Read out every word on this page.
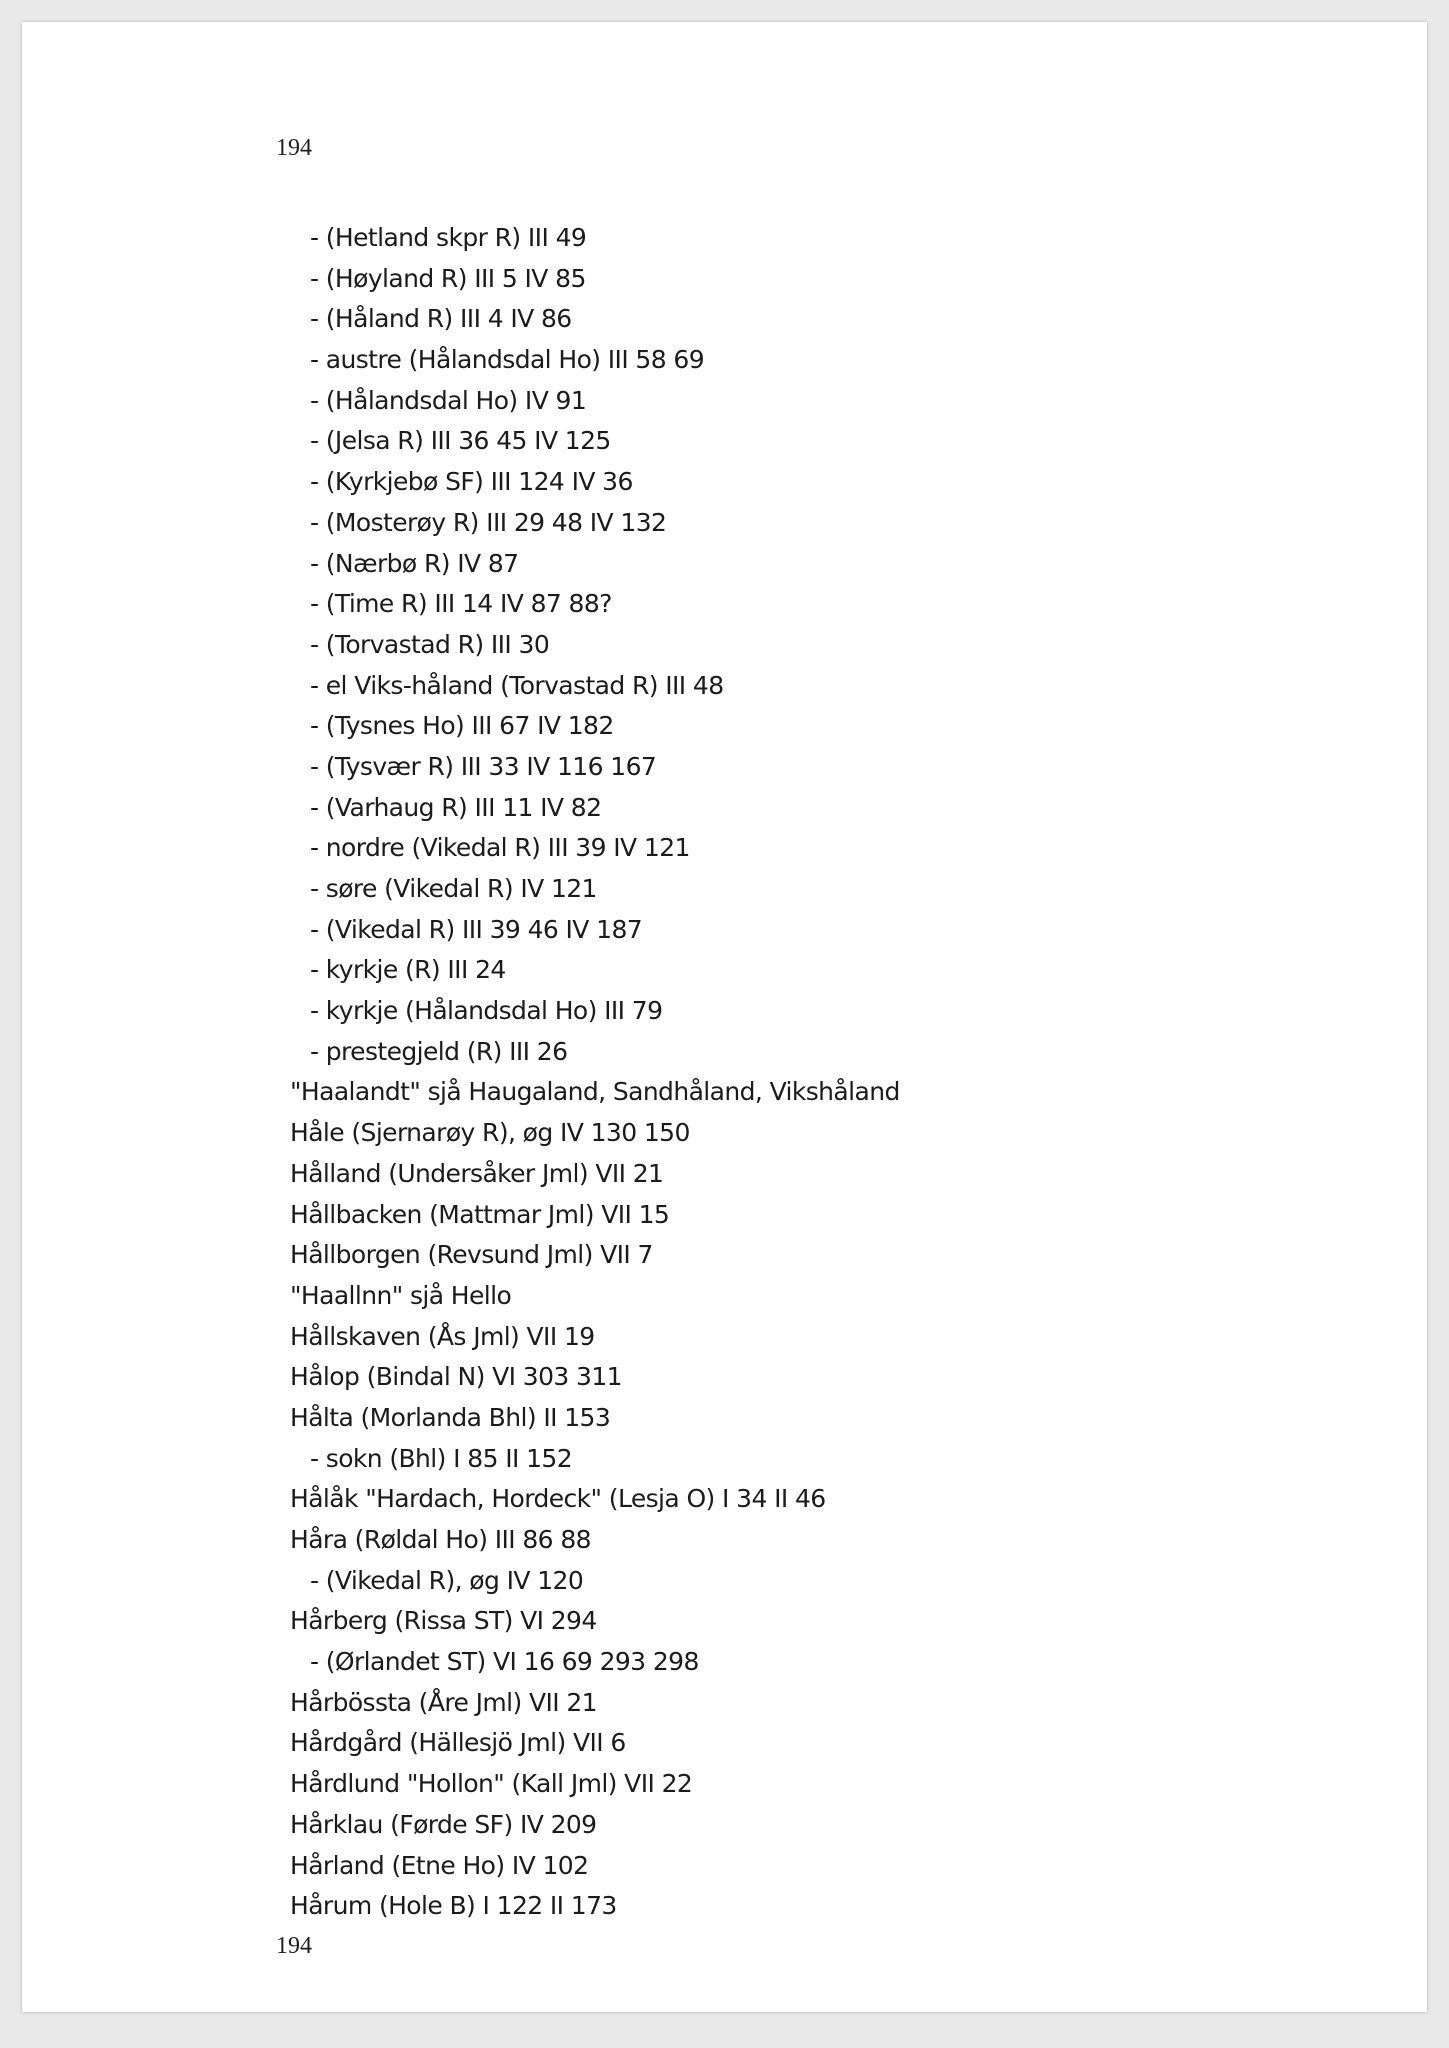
194
- (Hetland skpr R) III 49
- (Høyland R) III 5 IV 85
- (Håland R) III 4 IV 86
- austre (Hålandsdal Ho) III 58 69
- (Hålandsdal Ho) IV 91
- (Jelsa R) III 36 45 IV 125
- (Kyrkjebø SF) III 124 IV 36
- (Mosterøy R) III 29 48 IV 132
- (Nærbø R) IV 87
- (Time R) III 14 IV 87 88?
- (Torvastad R) III 30
- el Viks-håland (Torvastad R) III 48
- (Tysnes Ho) III 67 IV 182
- (Tysvær R) III 33 IV 116 167
- (Varhaug R) III 11 IV 82
- nordre (Vikedal R) III 39 IV 121
- søre (Vikedal R) IV 121
- (Vikedal R) III 39 46 IV 187
- kyrkje (R) III 24
- kyrkje (Hålandsdal Ho) III 79
- prestegjeld (R) III 26
"Haalandt" sjå Haugaland, Sandhåland, Vikshåland
Håle (Sjernarøy R), øg IV 130 150
Hålland (Undersåker Jml) VII 21
Hållbacken (Mattmar Jml) VII 15
Hållborgen (Revsund Jml) VII 7
"Haallnn" sjå Hello
Hållskaven (Ås Jml) VII 19
Hålop (Bindal N) VI 303 311
Hålta (Morlanda Bhl) II 153
- sokn (Bhl) I 85 II 152
Hålåk "Hardach, Hordeck" (Lesja O) I 34 II 46
Håra (Røldal Ho) III 86 88
- (Vikedal R), øg IV 120
Hårberg (Rissa ST) VI 294
- (Ørlandet ST) VI 16 69 293 298
Hårbössta (Åre Jml) VII 21
Hårdgård (Hällesjö Jml) VII 6
Hårdlund "Hollon" (Kall Jml) VII 22
Hårklau (Førde SF) IV 209
Hårland (Etne Ho) IV 102
Hårum (Hole B) I 122 II 173
194
